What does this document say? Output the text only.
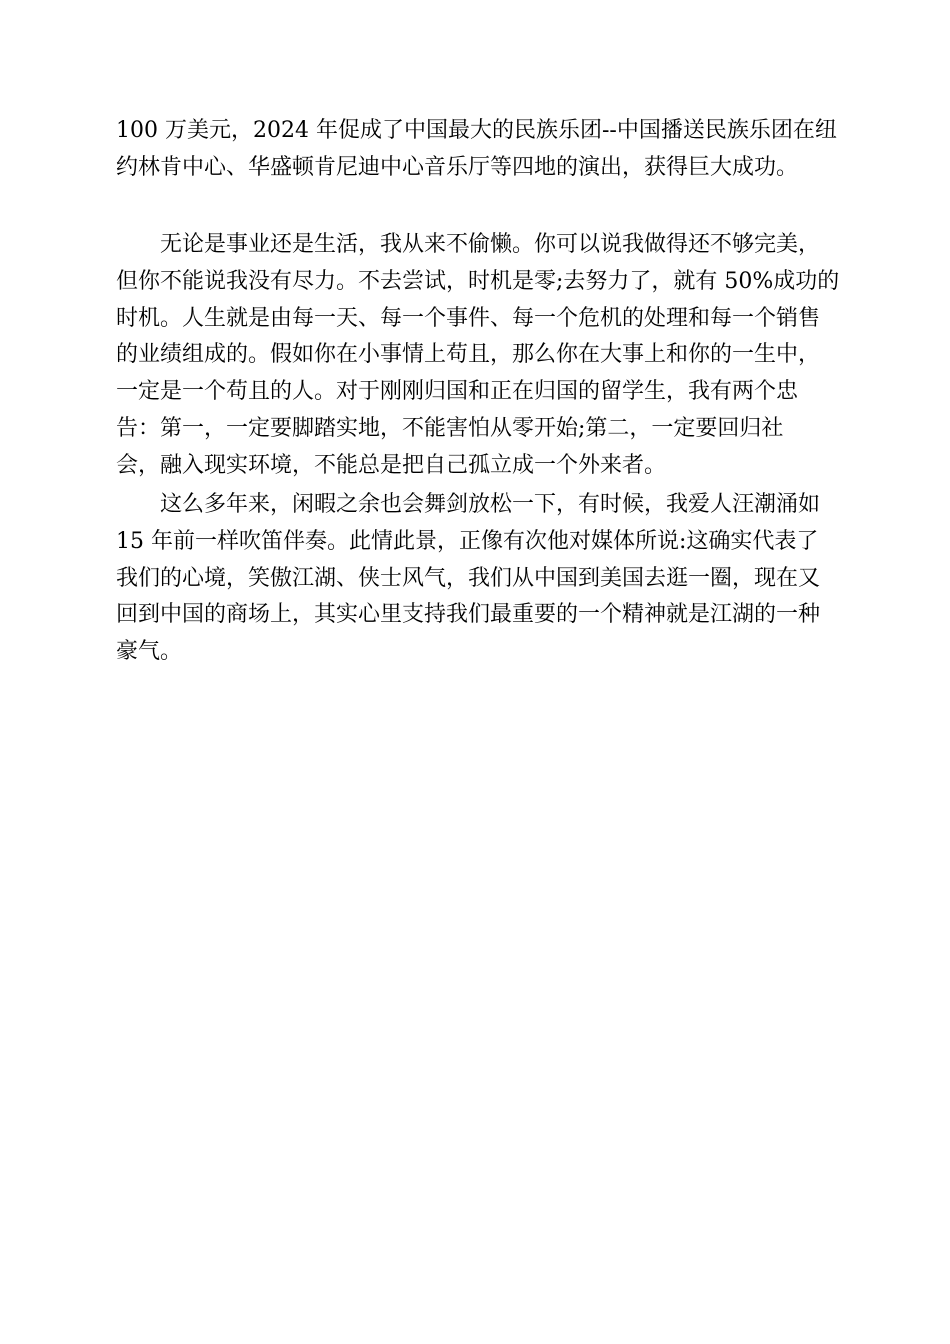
100 万美元，2024 年促成了中国最大的民族乐团--中国播送民族乐团在纽
约林肯中心、华盛顿肯尼迪中心音乐厅等四地的演出，获得巨大成功。
　　无论是事业还是生活，我从来不偷懒。你可以说我做得还不够完美，
但你不能说我没有尽力。不去尝试，时机是零;去努力了，就有 50%成功的
时机。人生就是由每一天、每一个事件、每一个危机的处理和每一个销售
的业绩组成的。假如你在小事情上苟且，那么你在大事上和你的一生中，
一定是一个苟且的人。对于刚刚归国和正在归国的留学生，我有两个忠
告：第一，一定要脚踏实地，不能害怕从零开始;第二，一定要回归社
会，融入现实环境，不能总是把自己孤立成一个外来者。
　　这么多年来，闲暇之余也会舞剑放松一下，有时候，我爱人汪潮涌如
15 年前一样吹笛伴奏。此情此景，正像有次他对媒体所说:这确实代表了
我们的心境，笑傲江湖、侠士风气，我们从中国到美国去逛一圈，现在又
回到中国的商场上，其实心里支持我们最重要的一个精神就是江湖的一种
豪气。
